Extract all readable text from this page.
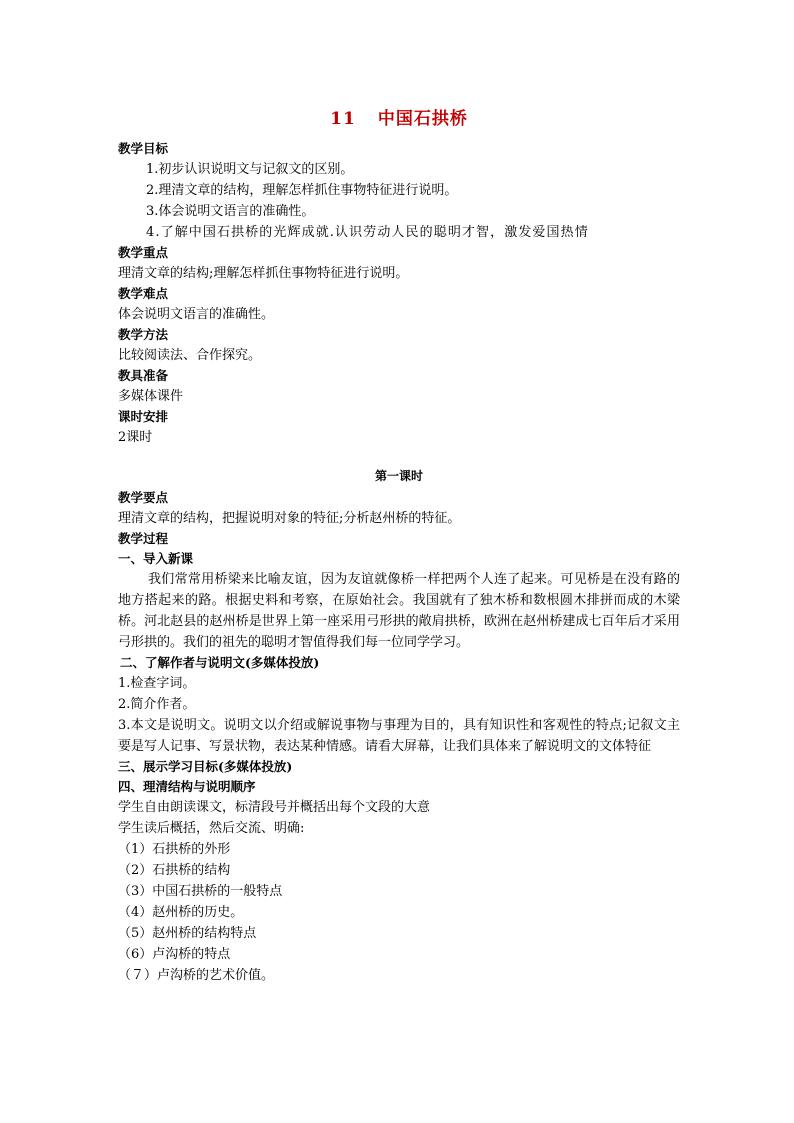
11 中国石拱桥
教学目标
1.初步认识说明文与记叙文的区别。
2.理清文章的结构，理解怎样抓住事物特征进行说明。
3.体会说明文语言的准确性。
4.了解中国石拱桥的光辉成就.认识劳动人民的聪明才智，激发爱国热情
教学重点
理清文章的结构;理解怎样抓住事物特征进行说明。
教学难点
体会说明文语言的准确性。
教学方法
比较阅读法、合作探究。
教具准备
多媒体课件
课时安排
2课时
第一课时
教学要点
理清文章的结构，把握说明对象的特征;分析赵州桥的特征。
教学过程
一、导入新课
我们常常用桥梁来比喻友谊，因为友谊就像桥一样把两个人连了起来。可见桥是在没有路的地方搭起来的路。根据史料和考察，在原始社会。我国就有了独木桥和数根圆木排拼而成的木梁桥。河北赵县的赵州桥是世界上第一座采用弓形拱的敞肩拱桥，欧洲在赵州桥建成七百年后才采用弓形拱的。我们的祖先的聪明才智值得我们每一位同学学习。
二、了解作者与说明文(多媒体投放)
1.检查字词。
2.简介作者。
3.本文是说明文。说明文以介绍或解说事物与事理为目的，具有知识性和客观性的特点;记叙文主要是写人记事、写景状物，表达某种情感。请看大屏幕，让我们具体来了解说明文的文体特征
三、展示学习目标(多媒体投放)
四、理清结构与说明顺序
学生自由朗读课文，标清段号并概括出每个文段的大意
学生读后概括，然后交流、明确:
（1）石拱桥的外形
（2）石拱桥的结构
（3）中国石拱桥的一般特点
（4）赵州桥的历史。
（5）赵州桥的结构特点
（6）卢沟桥的特点
（７）卢沟桥的艺术价值。
